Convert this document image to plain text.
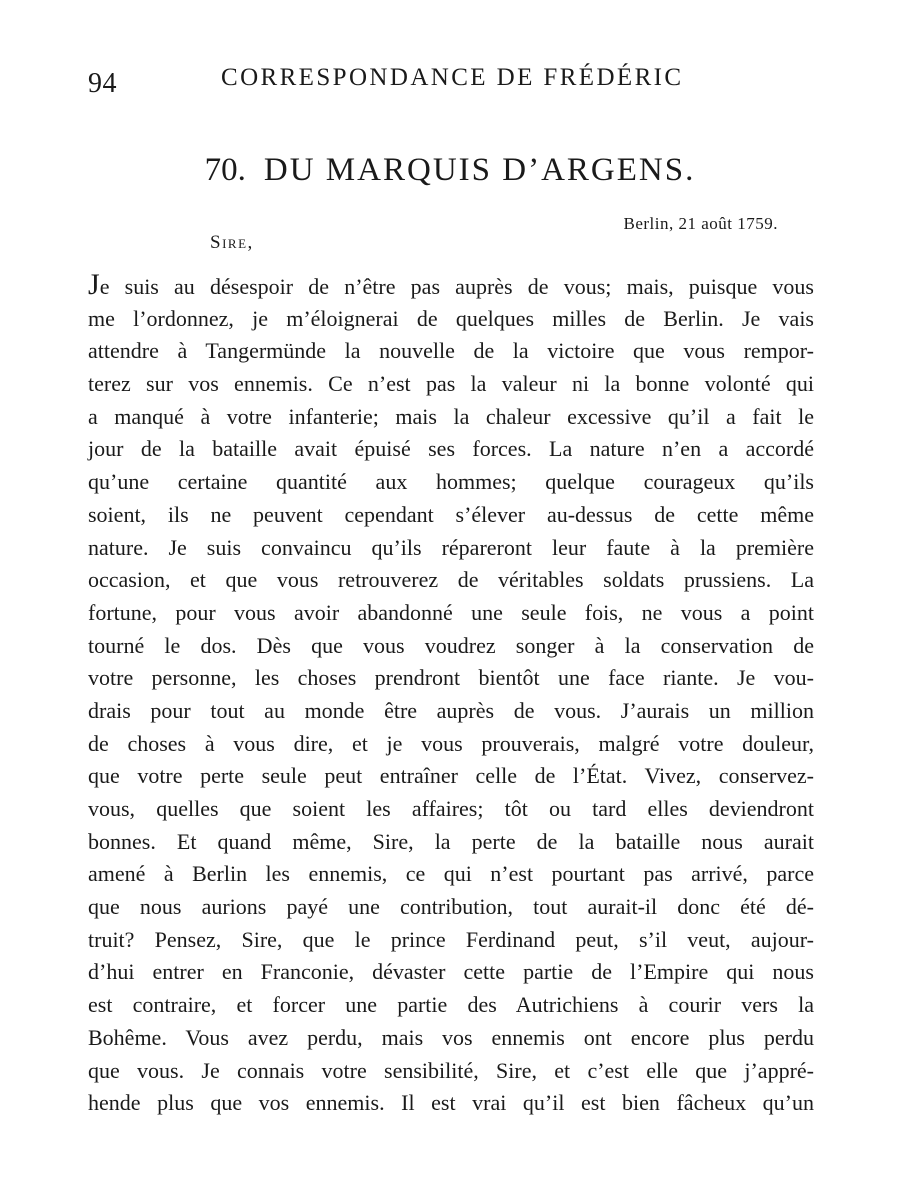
94	CORRESPONDANCE DE FRÉDÉRIC
70. DU MARQUIS D’ARGENS.
Berlin, 21 août 1759.
Sire,
Je suis au désespoir de n’être pas auprès de vous; mais, puisque vous
me l’ordonnez, je m’éloignerai de quelques milles de Berlin. Je vais
attendre à Tangermünde la nouvelle de la victoire que vous rempor-
terez sur vos ennemis. Ce n’est pas la valeur ni la bonne volonté qui
a manqué à votre infanterie; mais la chaleur excessive qu’il a fait le
jour de la bataille avait épuisé ses forces. La nature n’en a accordé
qu’une certaine quantité aux hommes; quelque courageux qu’ils
soient, ils ne peuvent cependant s’élever au-dessus de cette même
nature. Je suis convaincu qu’ils répareront leur faute à la première
occasion, et que vous retrouverez de véritables soldats prussiens. La
fortune, pour vous avoir abandonné une seule fois, ne vous a point
tourné le dos. Dès que vous voudrez songer à la conservation de
votre personne, les choses prendront bientôt une face riante. Je vou-
drais pour tout au monde être auprès de vous. J’aurais un million
de choses à vous dire, et je vous prouverais, malgré votre douleur,
que votre perte seule peut entraîner celle de l’État. Vivez, conservez-
vous, quelles que soient les affaires; tôt ou tard elles deviendront
bonnes. Et quand même, Sire, la perte de la bataille nous aurait
amené à Berlin les ennemis, ce qui n’est pourtant pas arrivé, parce
que nous aurions payé une contribution, tout aurait-il donc été dé-
truit? Pensez, Sire, que le prince Ferdinand peut, s’il veut, aujour-
d’hui entrer en Franconie, dévaster cette partie de l’Empire qui nous
est contraire, et forcer une partie des Autrichiens à courir vers la
Bohême. Vous avez perdu, mais vos ennemis ont encore plus perdu
que vous. Je connais votre sensibilité, Sire, et c’est elle que j’appré-
hende plus que vos ennemis. Il est vrai qu’il est bien fâcheux qu’un
